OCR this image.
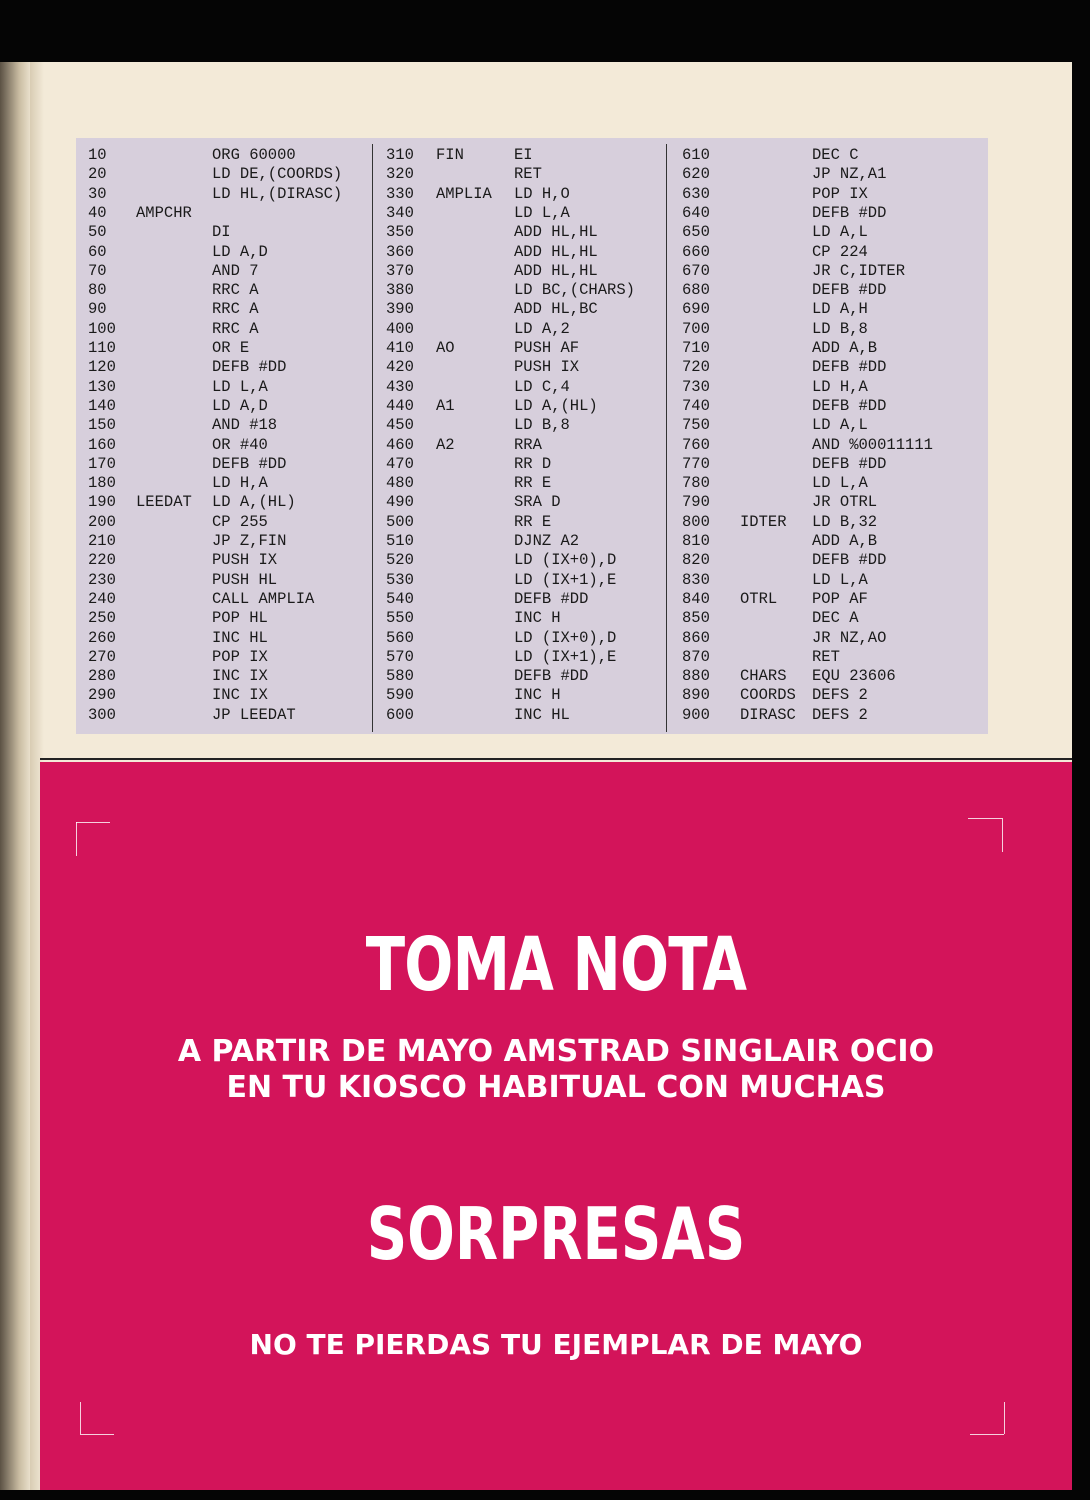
10	ORG 60000
20	LD DE,(COORDS)
30	LD HL,(DIRASC)
40 AMPCHR
50	DI
60	LD A,D
70	AND 7
80	RRC A
90	RRC A
100	RRC A
110	OR E
120	DEFB #DD
130	LD L,A
140	LD A,D
150	AND #18
160	OR #40
170	DEFB #DD
180	LD H,A
190 LEEDAT LD A,(HL)
200	CP 255
210	JP Z,FIN
220	PUSH IX
230	PUSH HL
240	CALL AMPLIA
250	POP HL
260	INC HL
270	POP IX
280	INC IX
290	INC IX
300	JP LEEDAT
310 FIN	EI
320	RET
330 AMPLIA LD H,O
340	LD L,A
350	ADD HL,HL
360	ADD HL,HL
370	ADD HL,HL
380	LD BC,(CHARS)
390	ADD HL,BC
400	LD A,2
410 AO	PUSH AF
420	PUSH IX
430	LD C,4
440 A1	LD A,(HL)
450	LD B,8
460 A2	RRA
470	RR D
480	RR E
490	SRA D
500	RR E
510	DJNZ A2
520	LD (IX+0),D
530	LD (IX+1),E
540	DEFB #DD
550	INC H
560	LD (IX+0),D
570	LD (IX+1),E
580	DEFB #DD
590	INC H
600	INC HL
610	DEC C
620	JP NZ,A1
630	POP IX
640	DEFB #DD
650	LD A,L
660	CP 224
670	JR C,IDTER
680	DEFB #DD
690	LD A,H
700	LD B,8
710	ADD A,B
720	DEFB #DD
730	LD H,A
740	DEFB #DD
750	LD A,L
760	AND %00011111
770	DEFB #DD
780	LD L,A
790	JR OTRL
800 IDTER LD B,32
810	ADD A,B
820	DEFB #DD
830	LD L,A
840 OTRL POP AF
850	DEC A
860	JR NZ,AO
870	RET
880 CHARS EQU 23606
890 COORDS DEFS 2
900 DIRASC DEFS 2
TOMA NOTA
A PARTIR DE MAYO AMSTRAD SINGLAIR OCIO
EN TU KIOSCO HABITUAL CON MUCHAS
SORPRESAS
NO TE PIERDAS TU EJEMPLAR DE MAYO
